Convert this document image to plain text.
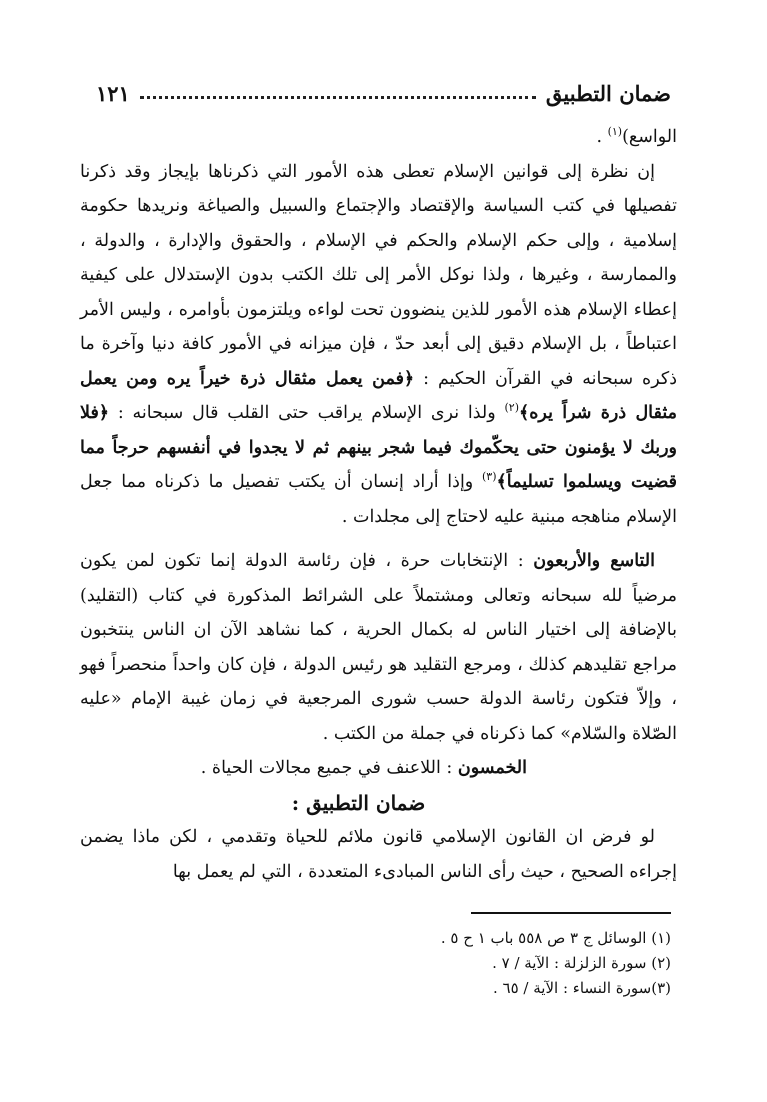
ضمان التطبيق
١٢١

الواسع)$^{(١)}$ .

إن نظرة إلى قوانين الإسلام تعطى هذه الأمور التي ذكرناها بإيجاز وقد ذكرنا تفصيلها في كتب السياسة والإقتصاد والإجتماع والسبيل والصياغة ونريدها حكومة إسلامية ، وإلى حكم الإسلام والحكم في الإسلام ، والحقوق والإدارة ، والدولة ، والممارسة ، وغيرها ، ولذا نوكل الأمر إلى تلك الكتب بدون الإستدلال على كيفية إعطاء الإسلام هذه الأمور للذين ينضوون تحت لواءه ويلتزمون بأوامره ، وليس الأمر اعتباطاً ، بل الإسلام دقيق إلى أبعد حدّ ، فإن ميزانه في الأمور كافة دنيا وآخرة ما ذكره سبحانه في القرآن الحكيم : ﴿فمن يعمل مثقال ذرة خيراً يره ومن يعمل مثقال ذرة شراً يره﴾$^{(٢)}$ ولذا نرى الإسلام يراقب حتى القلب قال سبحانه : ﴿فلا وربك لا يؤمنون حتى يحكّموك فيما شجر بينهم ثم لا يجدوا في أنفسهم حرجاً مما قضيت ويسلموا تسليماً﴾$^{(٣)}$ وإذا أراد إنسان أن يكتب تفصيل ما ذكرناه مما جعل الإسلام مناهجه مبنية عليه لاحتاج إلى مجلدات .

التاسع والأربعون : الإنتخابات حرة ، فإن رئاسة الدولة إنما تكون لمن يكون مرضياً لله سبحانه وتعالى ومشتملاً على الشرائط المذكورة في كتاب (التقليد) بالإضافة إلى اختيار الناس له بكمال الحرية ، كما نشاهد الآن ان الناس ينتخبون مراجع تقليدهم كذلك ، ومرجع التقليد هو رئيس الدولة ، فإن كان واحداً منحصراً فهو ، وإلاّ فتكون رئاسة الدولة حسب شورى المرجعية في زمان غيبة الإمام «عليه الصّلاة والسّلام» كما ذكرناه في جملة من الكتب .

الخمسون : اللاعنف في جميع مجالات الحياة .

ضمان التطبيق :

لو فرض ان القانون الإسلامي قانون ملائم للحياة وتقدمي ، لكن ماذا يضمن إجراءه الصحيح ، حيث رأى الناس المبادىء المتعددة ، التي لم يعمل بها

(١) الوسائل ج ٣ ص ٥٥٨ باب ١ ح ٥ .
(٢) سورة الزلزلة : الآية / ٧ .
(٣)سورة النساء : الآية / ٦٥ .
